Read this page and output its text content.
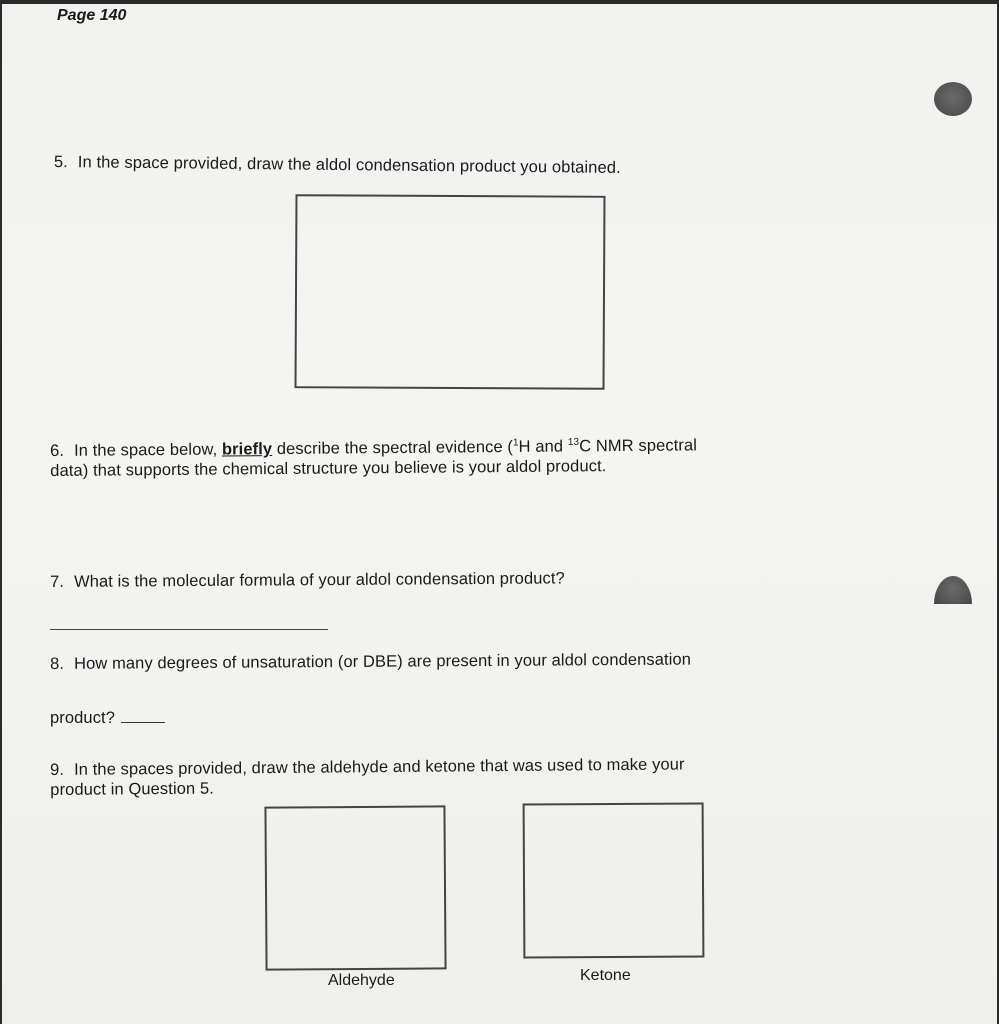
Page 140
5. In the space provided, draw the aldol condensation product you obtained.
6. In the space below, briefly describe the spectral evidence ($^1$H and $^{13}$C NMR spectral
data) that supports the chemical structure you believe is your aldol product.
7. What is the molecular formula of your aldol condensation product?
8. How many degrees of unsaturation (or DBE) are present in your aldol condensation
product?
9. In the spaces provided, draw the aldehyde and ketone that was used to make your
product in Question 5.
Aldehyde	Ketone
